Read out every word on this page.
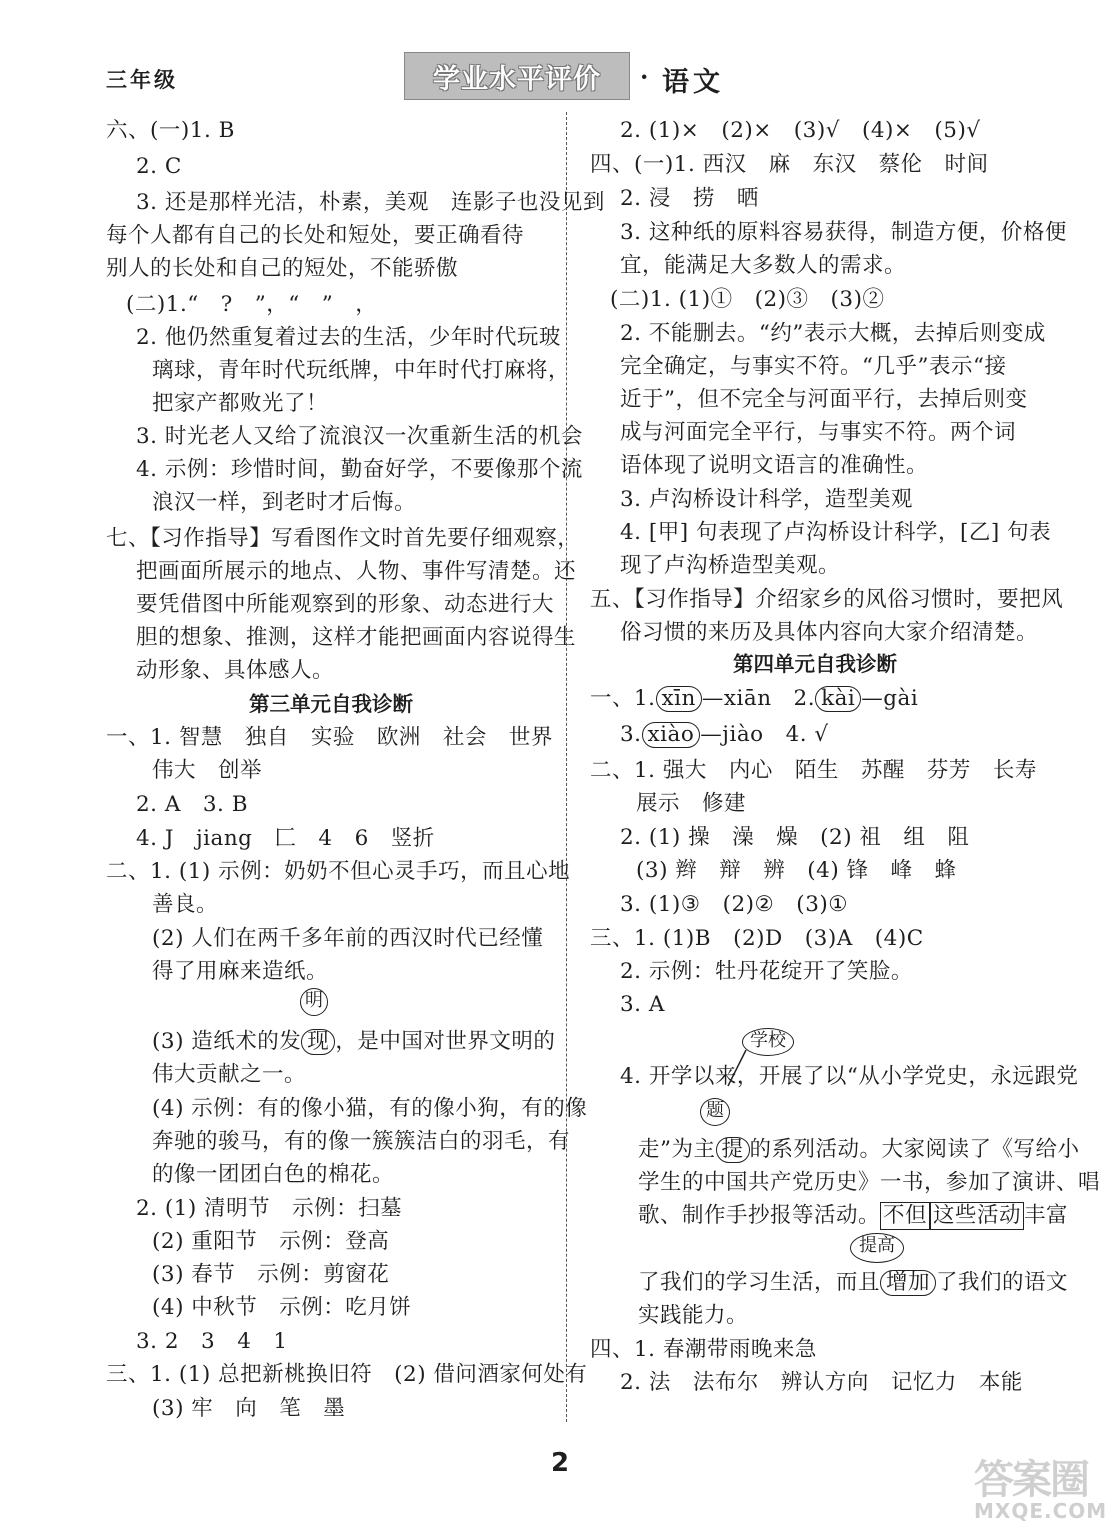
三年级	学业水平评价	· 语文
六、(一)1. B
2. C
3. 还是那样光洁，朴素，美观　连影子也没见到
每个人都有自己的长处和短处，要正确看待
别人的长处和自己的短处，不能骄傲
(二)1.“　?　”，“　”　，
2. 他仍然重复着过去的生活，少年时代玩玻
璃球，青年时代玩纸牌，中年时代打麻将，
把家产都败光了！
3. 时光老人又给了流浪汉一次重新生活的机会
4. 示例：珍惜时间，勤奋好学，不要像那个流
浪汉一样，到老时才后悔。
七、【习作指导】写看图作文时首先要仔细观察，
把画面所展示的地点、人物、事件写清楚。还
要凭借图中所能观察到的形象、动态进行大
胆的想象、推测，这样才能把画面内容说得生
动形象、具体感人。
第三单元自我诊断
一、1. 智慧　独自　实验　欧洲　社会　世界
伟大　创举
2. A　3. B
4. J　jiang　匚　4　6　竖折
二、1. (1) 示例：奶奶不但心灵手巧，而且心地
善良。
(2) 人们在两千多年前的西汉时代已经懂
得了用麻来造纸。
明
(3) 造纸术的发 现 ，是中国对世界文明的
伟大贡献之一。
(4) 示例：有的像小猫，有的像小狗，有的像
奔驰的骏马，有的像一簇簇洁白的羽毛，有
的像一团团白色的棉花。
2. (1) 清明节　示例：扫墓
(2) 重阳节　示例：登高
(3) 春节　示例：剪窗花
(4) 中秋节　示例：吃月饼
3. 2　3　4　1
三、1. (1) 总把新桃换旧符　(2) 借问酒家何处有
(3) 牢　向　笔　墨
2. (1)×　(2)×　(3)√　(4)×　(5)√
四、(一)1. 西汉　麻　东汉　蔡伦　时间
2. 浸　捞　晒
3. 这种纸的原料容易获得，制造方便，价格便
宜，能满足大多数人的需求。
(二)1. (1)①　(2)③　(3)②
2. 不能删去。“约”表示大概，去掉后则变成
完全确定，与事实不符。“几乎”表示“接
近于”，但不完全与河面平行，去掉后则变
成与河面完全平行，与事实不符。两个词
语体现了说明文语言的准确性。
3. 卢沟桥设计科学，造型美观
4. [甲] 句表现了卢沟桥设计科学，[乙] 句表
现了卢沟桥造型美观。
五、【习作指导】介绍家乡的风俗习惯时，要把风
俗习惯的来历及具体内容向大家介绍清楚。
第四单元自我诊断
一、1. xīn —xiān　2. kài —gài
3. xiào —jiào　4. √
二、1. 强大　内心　陌生　苏醒　芬芳　长寿
展示　修建
2. (1) 操　澡　燥　(2) 祖　组　阻
(3) 辫　辩　辨　(4) 锋　峰　蜂
3. (1)③　(2)②　(3)①
三、1. (1)B　(2)D　(3)A　(4)C
2. 示例：牡丹花绽开了笑脸。
3. A
学校
4. 开学以来，开展了以“从小学党史，永远跟党
题
走”为主 提 的系列活动。大家阅读了《写给小
学生的中国共产党历史》一书，参加了演讲、唱
歌、制作手抄报等活动。 不但 这些活动 丰富
提高
了我们的学习生活，而且 增加 了我们的语文
实践能力。
四、1. 春潮带雨晚来急
2. 法　法布尔　辨认方向　记忆力　本能
2	答案圈
MXQE.COM
